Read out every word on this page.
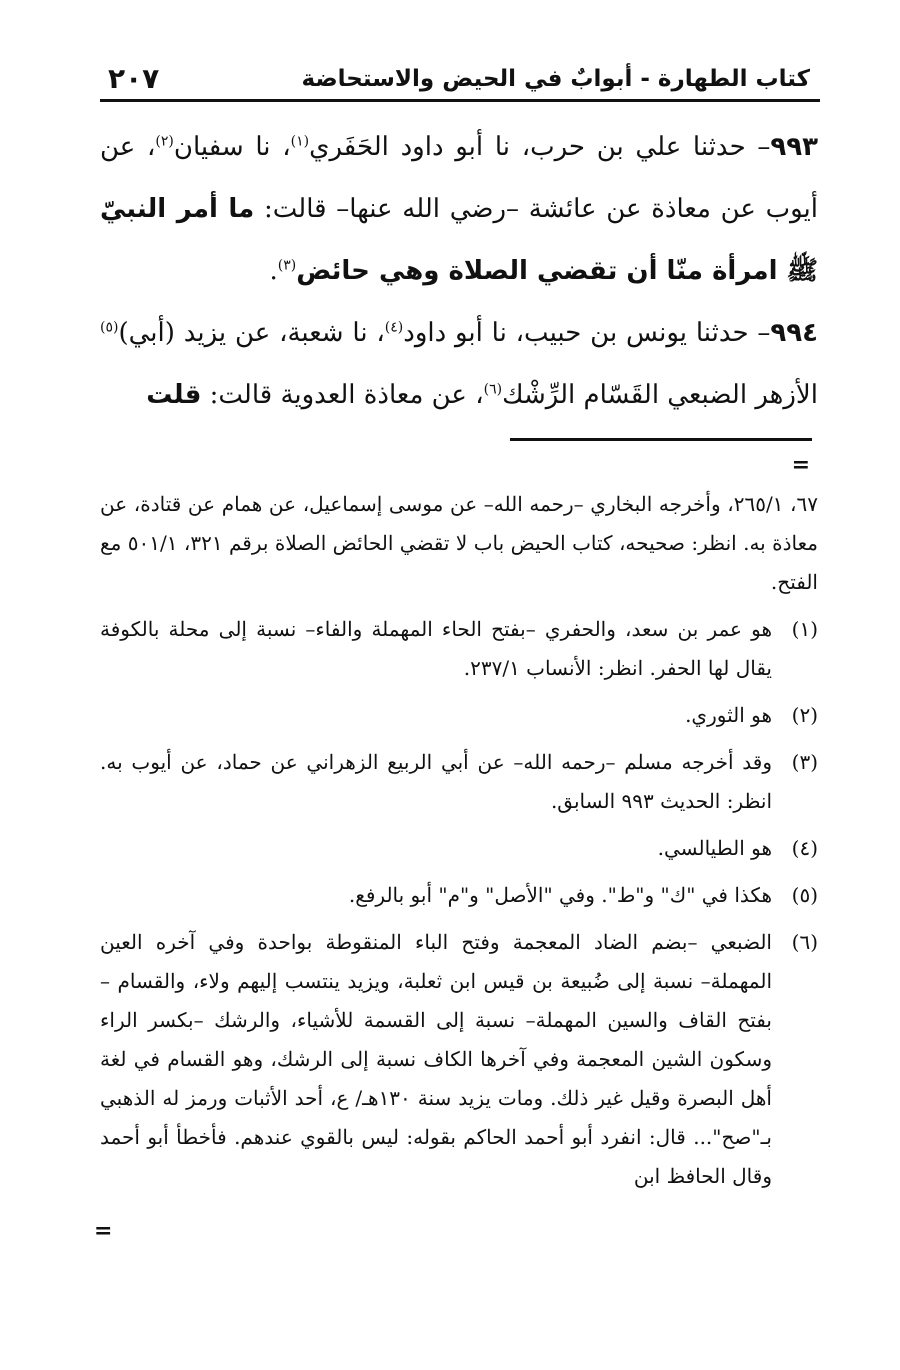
كتاب الطهارة - أبوابٌ في الحيض والاستحاضة
٢٠٧

٩٩٣– حدثنا علي بن حرب، نا أبو داود الحَفَري$^{(١)}$، نا سفيان$^{(٢)}$، عن أيوب عن معاذة عن عائشة –رضي الله عنها– قالت: ما أمر النبيّ ﷺ امرأة منّا أن تقضي الصلاة وهي حائض$^{(٣)}$.

٩٩٤– حدثنا يونس بن حبيب، نا أبو داود$^{(٤)}$، نا شعبة، عن يزيد (أبي)$^{(٥)}$ الأزهر الضبعي القَسّام الرِّشْك$^{(٦)}$، عن معاذة العدوية قالت: قلت

=

٦٧، ٢٦٥/١، وأخرجه البخاري –رحمه الله– عن موسى إسماعيل، عن همام عن قتادة، عن معاذة به. انظر: صحيحه، كتاب الحيض باب لا تقضي الحائض الصلاة برقم ٣٢١، ٥٠١/١ مع الفتح.

(١)
هو عمر بن سعد، والحفري –بفتح الحاء المهملة والفاء– نسبة إلى محلة بالكوفة يقال لها الحفر. انظر: الأنساب ٢٣٧/١.

(٢)
هو الثوري.

(٣)
وقد أخرجه مسلم –رحمه الله– عن أبي الربيع الزهراني عن حماد، عن أيوب به. انظر: الحديث ٩٩٣ السابق.

(٤)
هو الطيالسي.

(٥)
هكذا في "ك" و"ط". وفي "الأصل" و"م" أبو بالرفع.

(٦)
الضبعي –بضم الضاد المعجمة وفتح الباء المنقوطة بواحدة وفي آخره العين المهملة– نسبة إلى ضُبيعة بن قيس ابن ثعلبة، ويزيد ينتسب إليهم ولاء، والقسام –بفتح القاف والسين المهملة– نسبة إلى القسمة للأشياء، والرشك –بكسر الراء وسكون الشين المعجمة وفي آخرها الكاف نسبة إلى الرشك، وهو القسام في لغة أهل البصرة وقيل غير ذلك. ومات يزيد سنة ١٣٠هـ/ ع، أحد الأثبات ورمز له الذهبي بـ"صح"... قال: انفرد أبو أحمد الحاكم بقوله: ليس بالقوي عندهم. فأخطأ أبو أحمد وقال الحافظ ابن

=
